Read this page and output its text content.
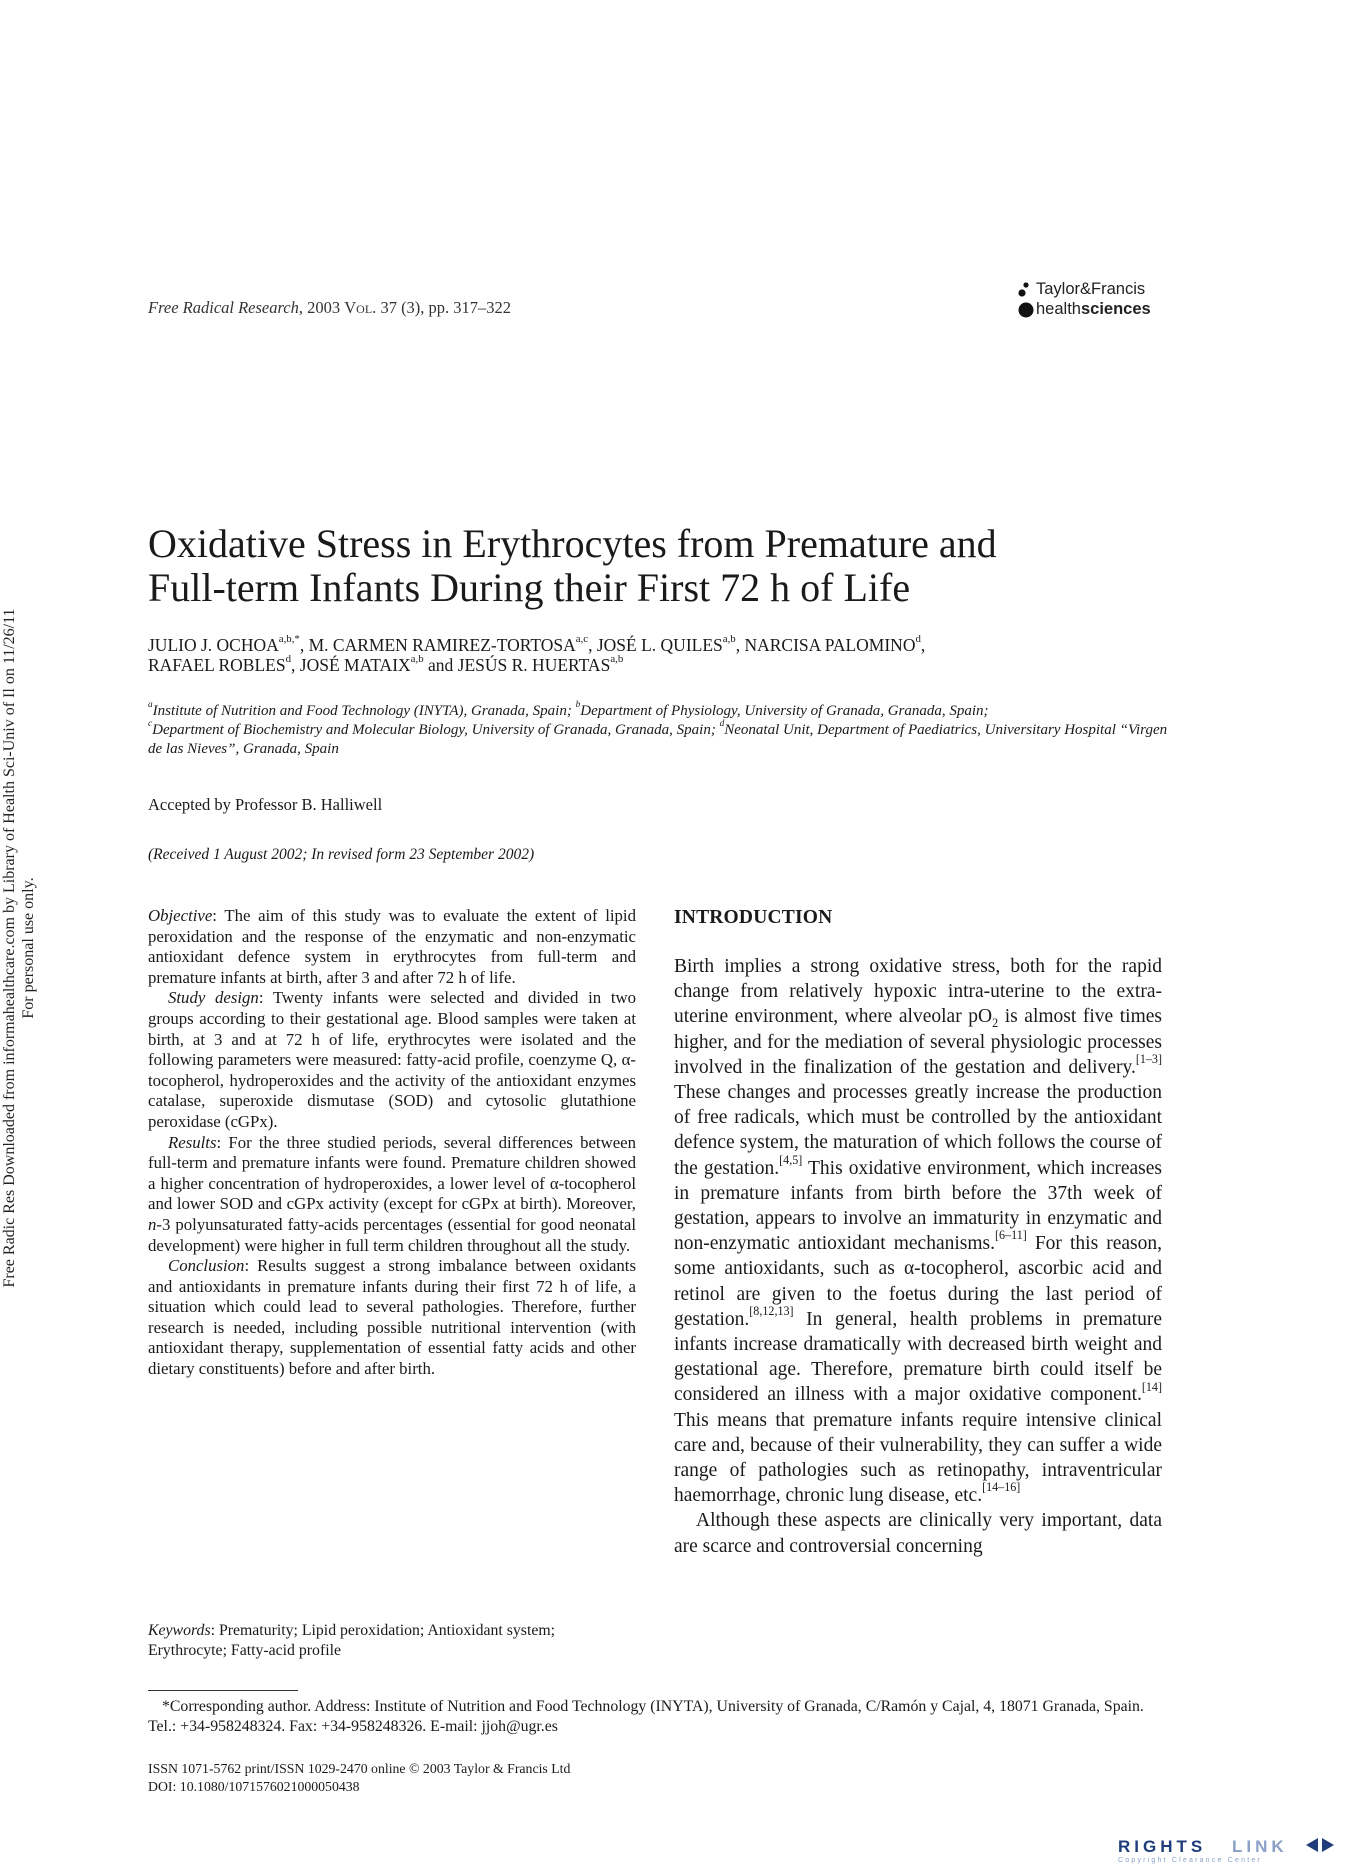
Free Radic Res Downloaded from informahealthcare.com by Library of Health Sci-Univ of Il on 11/26/11 For personal use only.
Free Radical Research, 2003 Vol. 37 (3), pp. 317–322
Taylor&Francis
healthsciences
Oxidative Stress in Erythrocytes from Premature and
Full-term Infants During their First 72 h of Life
JULIO J. $OCHOA^{a,b,*}$, M. CARMEN RAMIREZ-TORTOSA$^{a,c}$, JOSÉ L. QUILES$^{a,b}$, NARCISA PALOMINO$^d$,
RAFAEL ROBLES$^d$, JOSÉ MATAIX$^{a,b}$ and JESÚS R. HUERTAS$^{a,b}$
$^a$Institute of Nutrition and Food Technology (INYTA), Granada, Spain; $^b$Department of Physiology, University of Granada, Granada, Spain;
$^c$Department of Biochemistry and Molecular Biology, University of Granada, Granada, Spain; $^d$Neonatal Unit, Department of Paediatrics, Universitary Hospital “Virgen de las Nieves”, Granada, Spain
Accepted by Professor B. Halliwell
(Received 1 August 2002; In revised form 23 September 2002)

Objective: The aim of this study was to evaluate the extent of lipid peroxidation and the response of the enzymatic and non-enzymatic antioxidant defence system in erythrocytes from full-term and premature infants at birth, after 3 and after 72 h of life.

Study design: Twenty infants were selected and divided in two groups according to their gestational age. Blood samples were taken at birth, at 3 and at 72 h of life, erythrocytes were isolated and the following parameters were measured: fatty-acid profile, coenzyme Q, α-tocopherol, hydroperoxides and the activity of the antioxidant enzymes catalase, superoxide dismutase (SOD) and cytosolic glutathione peroxidase (cGPx).

Results: For the three studied periods, several differences between full-term and premature infants were found. Premature children showed a higher concentration of hydroperoxides, a lower level of α-tocopherol and lower SOD and cGPx activity (except for cGPx at birth). Moreover, n-3 polyunsaturated fatty-acids percentages (essential for good neonatal development) were higher in full term children throughout all the study.

Conclusion: Results suggest a strong imbalance between oxidants and antioxidants in premature infants during their first 72 h of life, a situation which could lead to several pathologies. Therefore, further research is needed, including possible nutritional intervention (with antioxidant therapy, supplementation of essential fatty acids and other dietary constituents) before and after birth.

Keywords: Prematurity; Lipid peroxidation; Antioxidant system; Erythrocyte; Fatty-acid profile
INTRODUCTION

Birth implies a strong oxidative stress, both for the rapid change from relatively hypoxic intra-uterine to the extra-uterine environment, where alveolar $pO_2$ is almost five times higher, and for the mediation of several physiologic processes involved in the finalization of the gestation and delivery.[1–3] These changes and processes greatly increase the production of free radicals, which must be controlled by the antioxidant defence system, the maturation of which follows the course of the gestation.[4,5] This oxidative environment, which increases in premature infants from birth before the 37th week of gestation, appears to involve an immaturity in enzymatic and non-enzymatic antioxidant mechanisms.[6–11] For this reason, some antioxidants, such as α-tocopherol, ascorbic acid and retinol are given to the foetus during the last period of gestation.[8,12,13] In general, health problems in premature infants increase dramatically with decreased birth weight and gestational age. Therefore, premature birth could itself be considered an illness with a major oxidative component.[14] This means that premature infants require intensive clinical care and, because of their vulnerability, they can suffer a wide range of pathologies such as retinopathy, intraventricular haemorrhage, chronic lung disease, etc.[14–16]

Although these aspects are clinically very important, data are scarce and controversial concerning

*Corresponding author. Address: Institute of Nutrition and Food Technology (INYTA), University of Granada, C/Ramón y Cajal, 4, 18071 Granada, Spain. Tel.: +34-958248324. Fax: +34-958248326. E-mail: jjoh@ugr.es
ISSN 1071-5762 print/ISSN 1029-2470 online © 2003 Taylor & Francis Ltd
DOI: 10.1080/1071576021000050438
RIGHTS LINK
Copyright Clearance Center
